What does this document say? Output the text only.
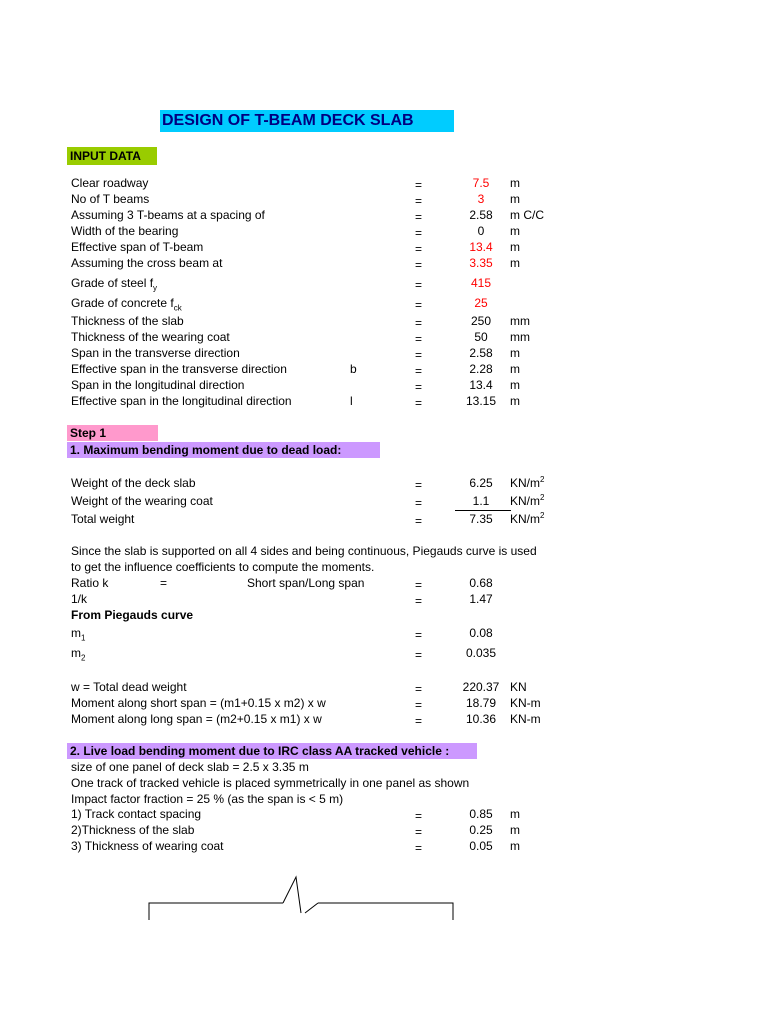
DESIGN OF T-BEAM DECK SLAB
INPUT DATA
Clear roadway	=	7.5	m
No of T beams	=	3	m
Assuming 3 T-beams at a spacing of	=	2.58	m C/C
Width of the bearing	=	0	m
Effective span of T-beam	=	13.4	m
Assuming the cross beam at	=	3.35	m
Grade of steel $f_y$	=	415
Grade of concrete $f_{ck}$	=	25
Thickness of the slab	=	250	mm
Thickness of the wearing coat	=	50	mm
Span in the transverse direction	=	2.58	m
Effective span in the transverse direction	b	=	2.28	m
Span in the longitudinal direction	=	13.4	m
Effective span in the longitudinal direction	l	=	13.15	m
Step 1
1. Maximum bending moment due to dead load:
Weight of the deck slab	=	6.25	$KN/m^2$
Weight of the wearing coat	=	1.1	$KN/m^2$
Total weight	=	7.35	$KN/m^2$
Since the slab is supported on all 4 sides and being continuous, Piegauds curve is used
to get the influence coefficients to compute the moments.
Ratio k	=	Short span/Long span	=	0.68
1/k	=	1.47
From Piegauds curve
$m_1$	=	0.08
$m_2$	=	0.035
w = Total dead weight	=	220.37 KN
Moment along short span = (m1+0.15 x m2) x w	=	18.79	KN-m
Moment along long span = (m2+0.15 x m1) x w	=	10.36	KN-m
2. Live load bending moment due to IRC class AA tracked vehicle :
size of one panel of deck slab = 2.5 x 3.35 m
One track of tracked vehicle is placed symmetrically in one panel as shown
Impact factor fraction = 25 % (as the span is < 5 m)
1) Track contact spacing	=	0.85	m
2)Thickness of the slab	=	0.25	m
3) Thickness of wearing coat	=	0.05	m
